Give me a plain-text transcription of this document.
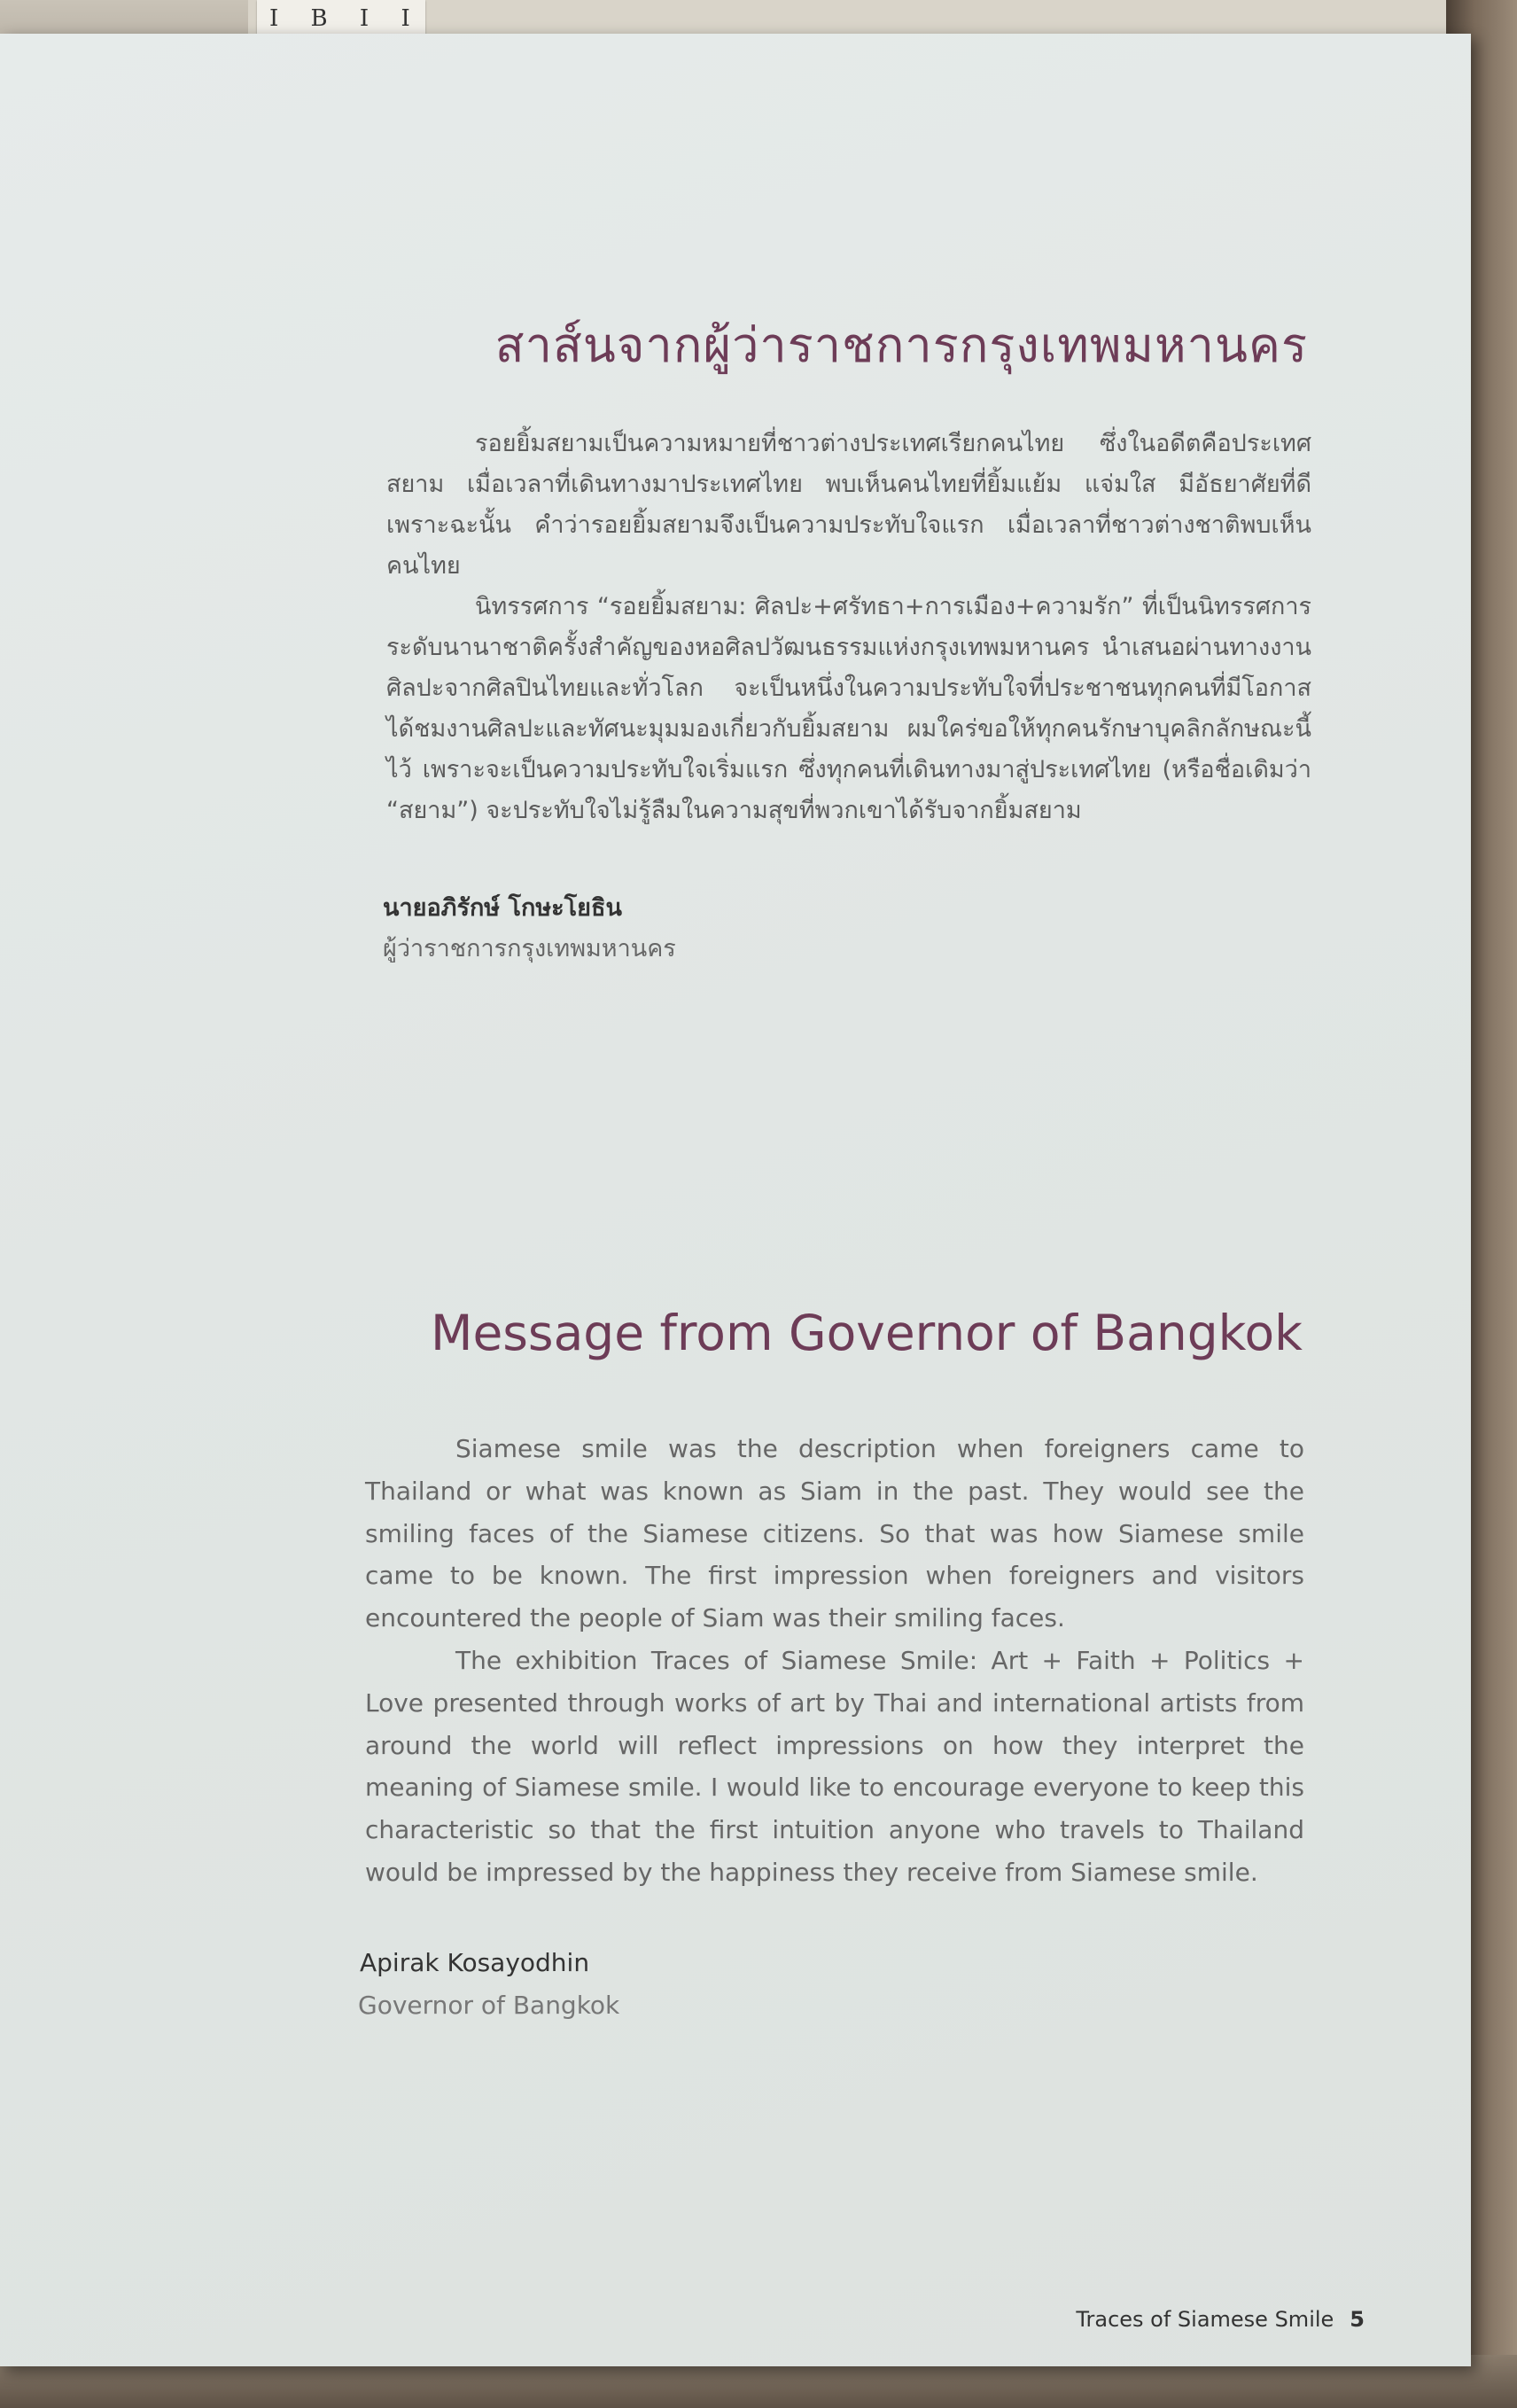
I B I I
สาส์นจากผู้ว่าราชการกรุงเทพมหานคร

รอยยิ้มสยามเป็นความหมายที่ชาวต่างประเทศเรียกคนไทย ซึ่งในอดีตคือประเทศสยาม เมื่อเวลาที่เดินทางมาประเทศไทย พบเห็นคนไทยที่ยิ้มแย้ม แจ่มใส มีอัธยาศัยที่ดี เพราะฉะนั้น คำว่ารอยยิ้มสยามจึงเป็นความประทับใจแรก เมื่อเวลาที่ชาวต่างชาติพบเห็นคนไทย

นิทรรศการ “รอยยิ้มสยาม: ศิลปะ+ศรัทธา+การเมือง+ความรัก” ที่เป็นนิทรรศการระดับนานาชาติครั้งสำคัญของหอศิลปวัฒนธรรมแห่งกรุงเทพมหานคร นำเสนอผ่านทางงานศิลปะจากศิลปินไทยและทั่วโลก จะเป็นหนึ่งในความประทับใจที่ประชาชนทุกคนที่มีโอกาสได้ชมงานศิลปะและทัศนะมุมมองเกี่ยวกับยิ้มสยาม ผมใคร่ขอให้ทุกคนรักษาบุคลิกลักษณะนี้ไว้ เพราะจะเป็นความประทับใจเริ่มแรก ซึ่งทุกคนที่เดินทางมาสู่ประเทศไทย (หรือชื่อเดิมว่า “สยาม”) จะประทับใจไม่รู้ลืมในความสุขที่พวกเขาได้รับจากยิ้มสยาม

นายอภิรักษ์ โกษะโยธิน
ผู้ว่าราชการกรุงเทพมหานคร
Message from Governor of Bangkok

Siamese smile was the description when foreigners came to Thailand or what was known as Siam in the past. They would see the smiling faces of the Siamese citizens. So that was how Siamese smile came to be known. The first impression when foreigners and visitors encountered the people of Siam was their smiling faces.

The exhibition Traces of Siamese Smile: Art + Faith + Politics + Love presented through works of art by Thai and international artists from around the world will reflect impressions on how they interpret the meaning of Siamese smile. I would like to encourage everyone to keep this characteristic so that the first intuition anyone who travels to Thailand would be impressed by the happiness they receive from Siamese smile.

Apirak Kosayodhin
Governor of Bangkok
Traces of Siamese Smile 5
